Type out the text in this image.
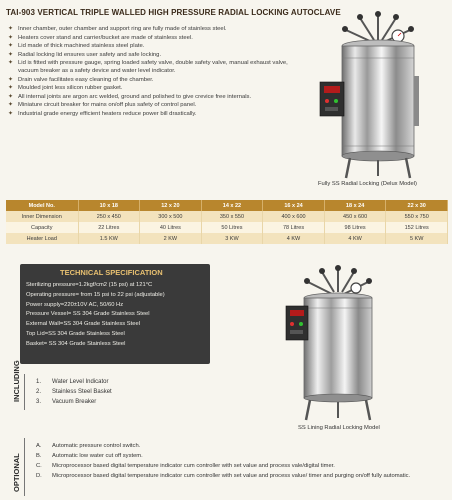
TAI-903 VERTICAL TRIPLE WALLED HIGH PRESSURE RADIAL LOCKING AUTOCLAVE
✦ Inner chamber, outer chamber and support ring are fully made of stainless steel.
✦ Heaters cover stand and carrier/bucket are made of stainless steel.
✦ Lid made of thick machined stainless steel plate.
✦ Radial locking lid ensures user safety and safe locking.
✦ Lid is fitted with pressure gauge, spring loaded safety valve, double safety valve, manual exhaust valve, vacuum breaker as a safety device and water level indicator.
✦ Drain valve facilitates easy cleaning of the chamber.
✦ Moulded joint less silicon rubber gasket.
✦ All internal joints are argon arc welded, ground and polished to give crevice free internals.
✦ Miniature circuit breaker for mains on/off plus safety of control panel.
✦ Industrial grade energy efficient heaters reduce power bill drastically.
Fully SS Radial Locking (Delux Model)
Model No.	10 x 18	12 x 20	14 x 22	16 x 24	18 x 24	22 x 30
Inner Dimension	250 x 450	300 x 500	350 x 550	400 x 600	450 x 600	550 x 750
Capacity	22 Litres	40 Litres	50 Litres	78 Litres	98 Litres	152 Litres
Heater Load	1.5 KW	2 KW	3 KW	4 KW	4 KW	5 KW
TECHNICAL SPECIFICATION
Sterilizing pressure=1.2kgf/cm2 (15 psi) at 121°C
Operating pressure= from 15 psi to 22 psi (adjustable)
Power supply=220±10V AC, 50/60 Hz
Pressure Vessel= SS 304 Grade Stainless Steel
External Wall=SS 304 Grade Stainless Steel
Top Lid=SS 304 Grade Stainless Steel
Basket= SS 304 Grade Stainless Steel
SS Lining Radial Locking Model
INCLUDING	1. Water Level Indicator
2. Stainless Steel Basket
3. Vacuum Breaker
OPTIONAL
A. Automatic pressure control switch.
B. Automatic low water cut off system.
C. Microprocessor based digital temperature indicator cum controller with set value and process vale/digital timer.
D. Microprocessor based digital temperature indicator cum controller with set value and process value/ timer and purging on/off fully automatic.
